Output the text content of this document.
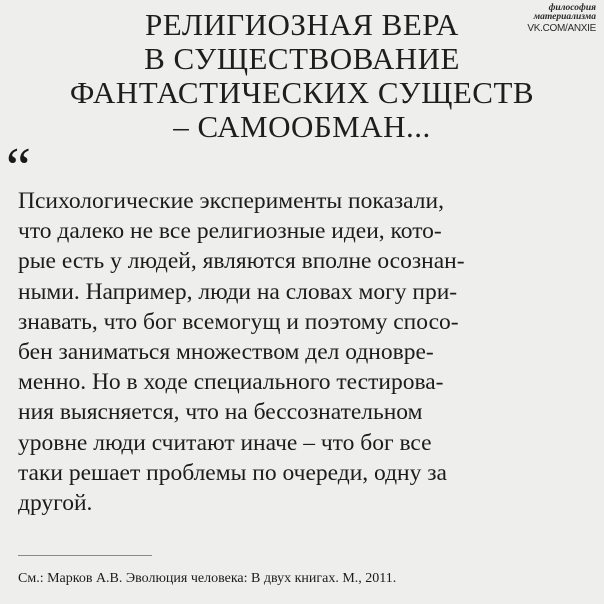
РЕЛИГИОЗНАЯ ВЕРА
В СУЩЕСТВОВАНИЕ
ФАНТАСТИЧЕСКИХ СУЩЕСТВ
– САМООБМАН...
философия
материализма
VK.COM/ANXIE
“
Психологические эксперименты показали,
что далеко не все религиозные идеи, кото-
рые есть у людей, являются вполне осознан-
ными. Например, люди на словах могу при-
знавать, что бог всемогущ и поэтому спосо-
бен заниматься множеством дел одновре-
менно. Но в ходе специального тестирова-
ния выясняется, что на бессознательном
уровне люди считают иначе – что бог все
таки решает проблемы по очереди, одну за
другой.
См.: Марков А.В. Эволюция человека: В двух книгах. М., 2011.
